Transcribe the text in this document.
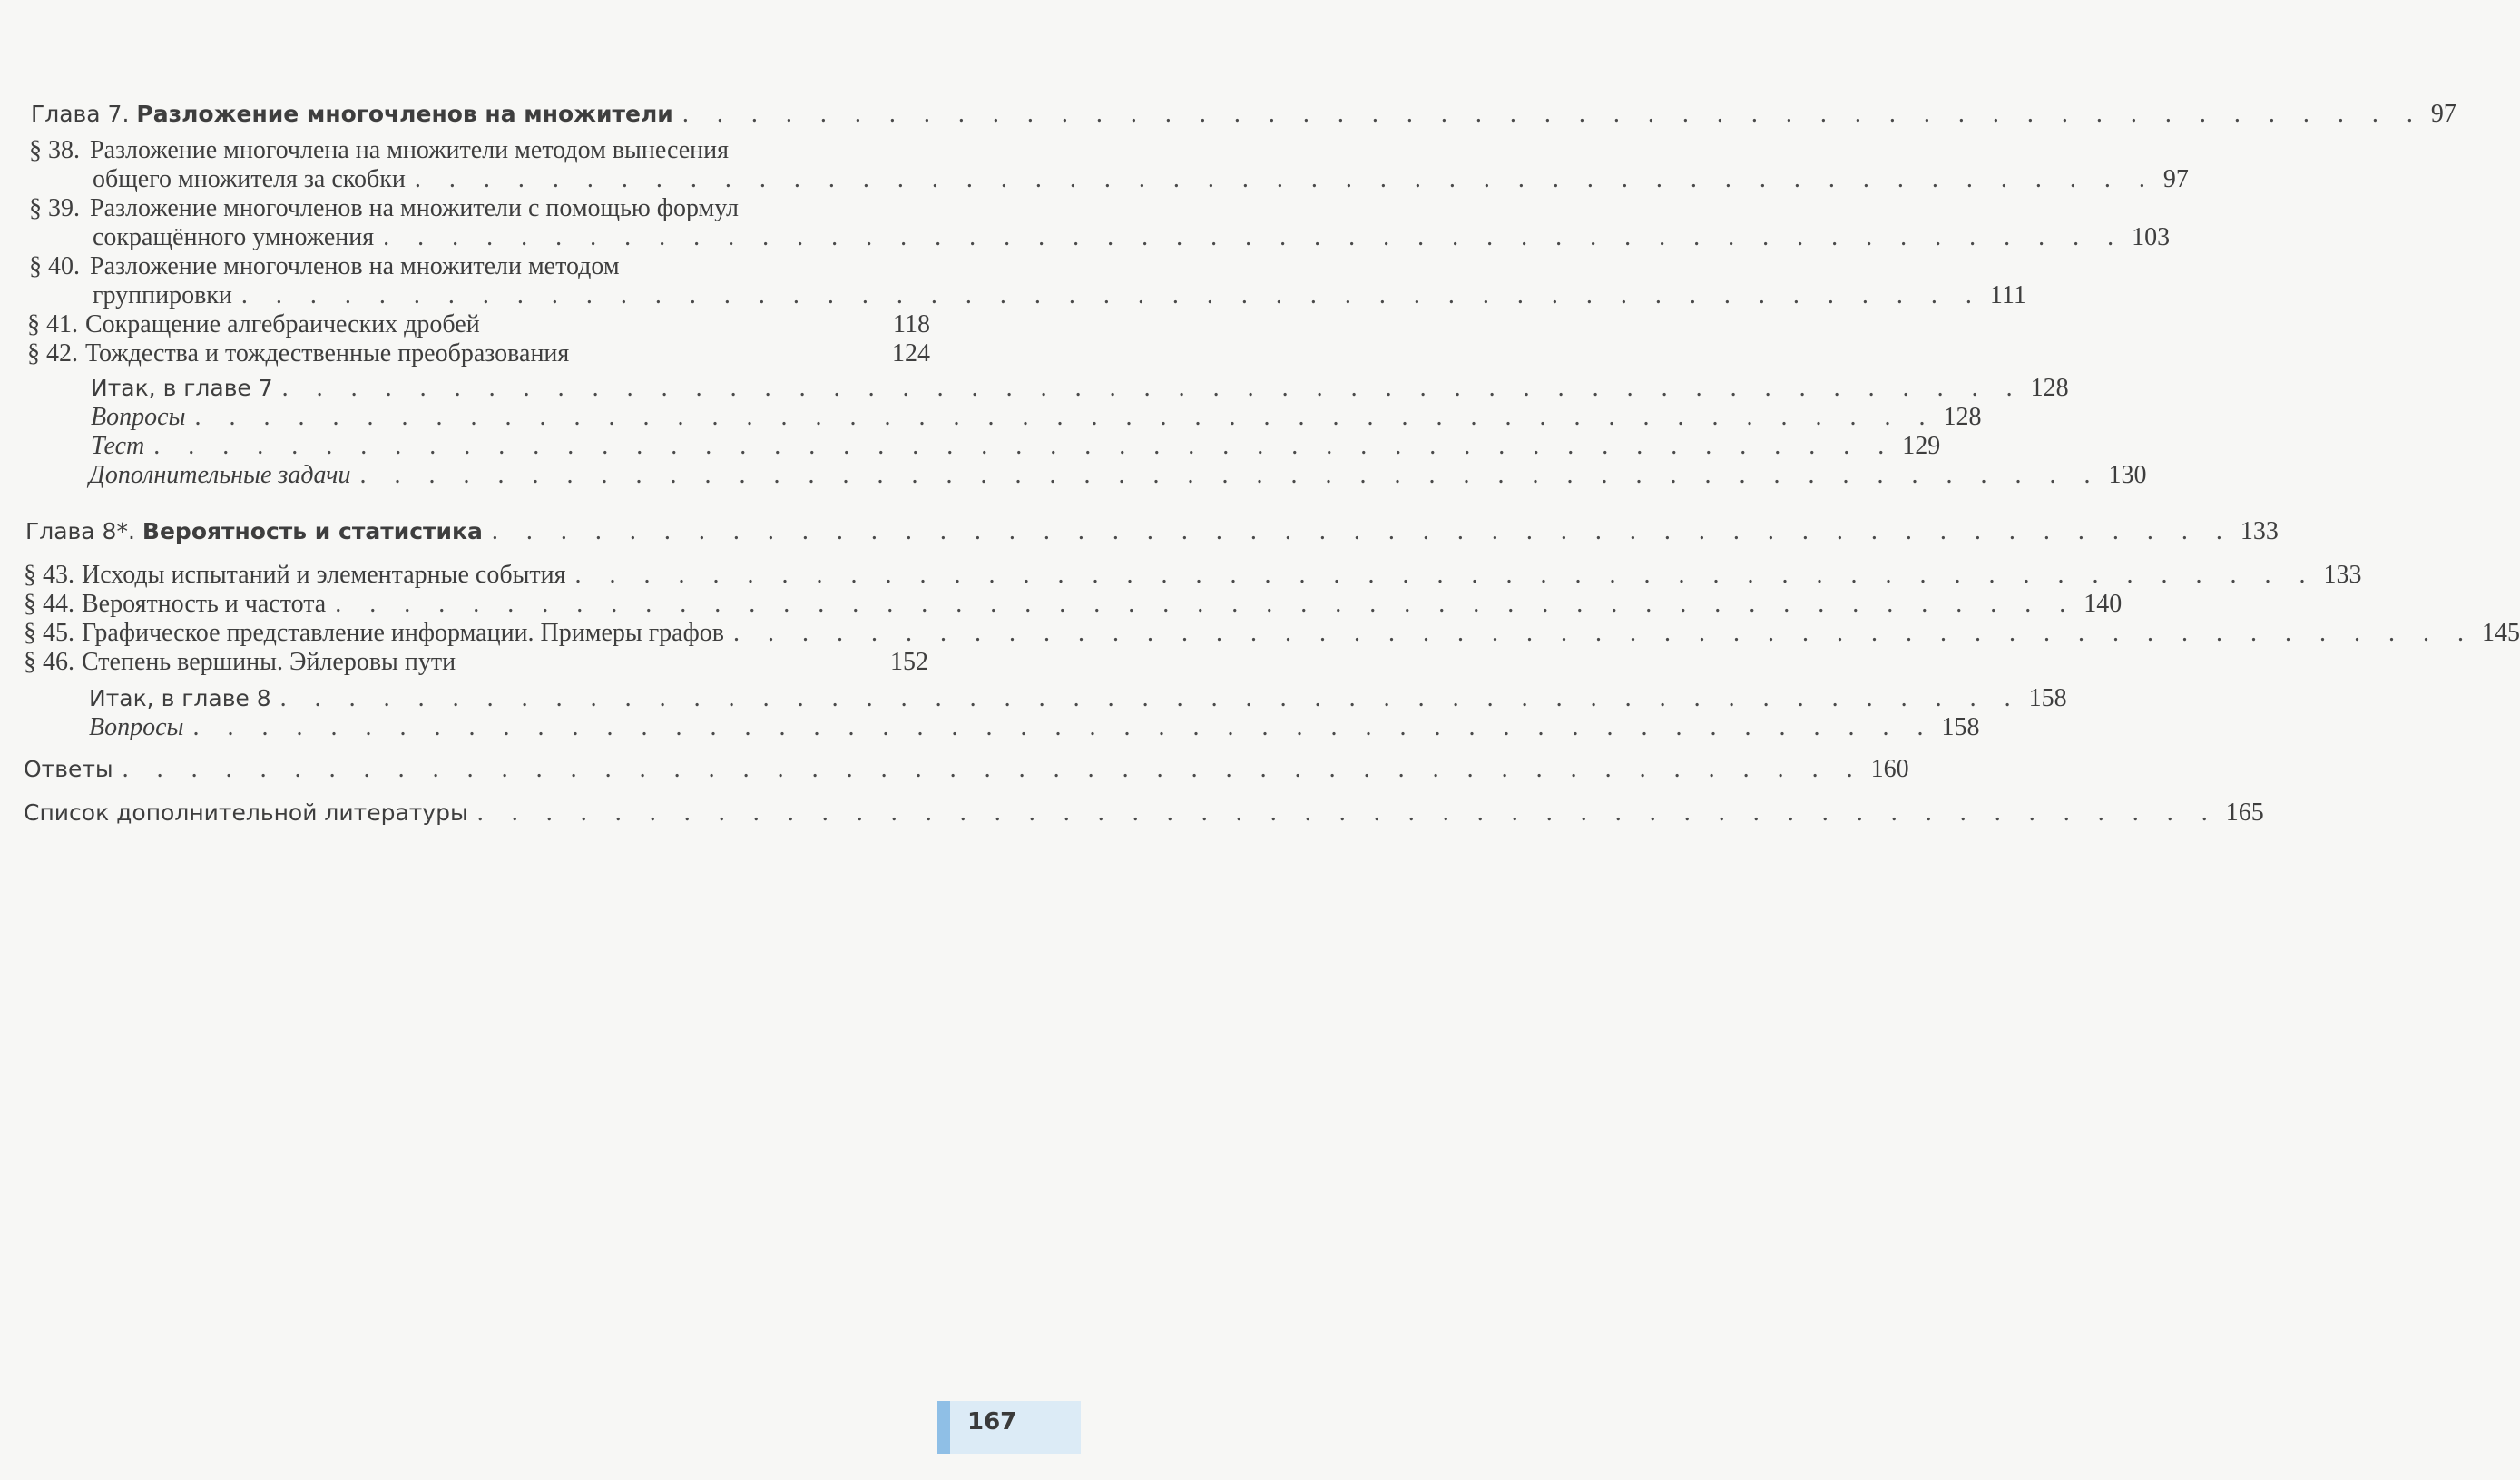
Глава 7. Разложение многочленов на множители . . . . . . . . . . . . . . . . . . . . . . . . . . . . . . . . . . . . . . . . . . . . . . . . . . . 97
§ 38. Разложение многочлена на множители методом вынесения
общего множителя за скобки . . . . . . . . . . . . . . . . . . . . . . . . . . . . . . . . . . . . . . . . . . . . . . . . . . . 97
§ 39. Разложение многочленов на множители с помощью формул
сокращённого умножения . . . . . . . . . . . . . . . . . . . . . . . . . . . . . . . . . . . . . . . . . . . . . . . . . . . 103
§ 40. Разложение многочленов на множители методом
группировки . . . . . . . . . . . . . . . . . . . . . . . . . . . . . . . . . . . . . . . . . . . . . . . . . . . 111
§ 41. Сокращение алгебраических дробей	118
§ 42. Тождества и тождественные преобразования	124
Итак, в главе 7 . . . . . . . . . . . . . . . . . . . . . . . . . . . . . . . . . . . . . . . . . . . . . . . . . . . 128
Вопросы . . . . . . . . . . . . . . . . . . . . . . . . . . . . . . . . . . . . . . . . . . . . . . . . . . . 128
Тест . . . . . . . . . . . . . . . . . . . . . . . . . . . . . . . . . . . . . . . . . . . . . . . . . . . 129
Дополнительные задачи . . . . . . . . . . . . . . . . . . . . . . . . . . . . . . . . . . . . . . . . . . . . . . . . . . . 130
Глава 8*. Вероятность и статистика . . . . . . . . . . . . . . . . . . . . . . . . . . . . . . . . . . . . . . . . . . . . . . . . . . . 133
§ 43. Исходы испытаний и элементарные события . . . . . . . . . . . . . . . . . . . . . . . . . . . . . . . . . . . . . . . . . . . . . . . . . . . 133
§ 44. Вероятность и частота . . . . . . . . . . . . . . . . . . . . . . . . . . . . . . . . . . . . . . . . . . . . . . . . . . . 140
§ 45. Графическое представление информации. Примеры графов . . . . . . . . . . . . . . . . . . . . . . . . . . . . . . . . . . . . . . . . . . . . . . . . . . . 145
§ 46. Степень вершины. Эйлеровы пути	152
Итак, в главе 8 . . . . . . . . . . . . . . . . . . . . . . . . . . . . . . . . . . . . . . . . . . . . . . . . . . . 158
Вопросы . . . . . . . . . . . . . . . . . . . . . . . . . . . . . . . . . . . . . . . . . . . . . . . . . . . 158
Ответы . . . . . . . . . . . . . . . . . . . . . . . . . . . . . . . . . . . . . . . . . . . . . . . . . . . 160
Список дополнительной литературы . . . . . . . . . . . . . . . . . . . . . . . . . . . . . . . . . . . . . . . . . . . . . . . . . . . 165
167
